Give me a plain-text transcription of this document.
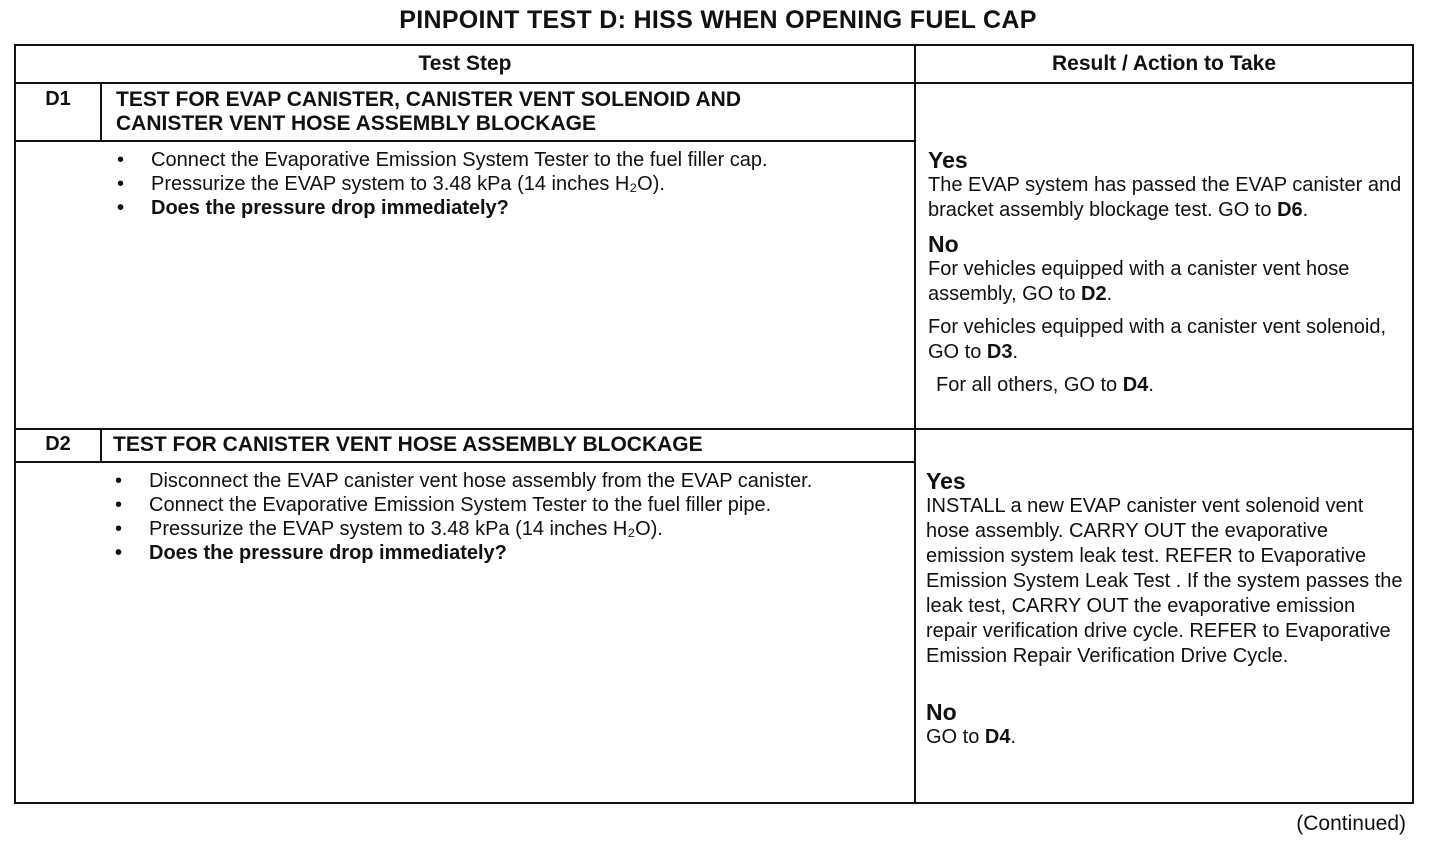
PINPOINT TEST D: HISS WHEN OPENING FUEL CAP
Test Step	Result / Action to Take
D1	TEST FOR EVAP CANISTER, CANISTER VENT SOLENOID AND
CANISTER VENT HOSE ASSEMBLY BLOCKAGE
• Connect the Evaporative Emission System Tester to the fuel filler cap.
• Pressurize the EVAP system to 3.48 kPa (14 inches H₂O).
• Does the pressure drop immediately?
Yes

The EVAP system has passed the EVAP canister and bracket assembly blockage test. GO to D6.

No

For vehicles equipped with a canister vent hose assembly, GO to D2.

For vehicles equipped with a canister vent solenoid, GO to D3.

For all others, GO to D4.

D2	TEST FOR CANISTER VENT HOSE ASSEMBLY BLOCKAGE
• Disconnect the EVAP canister vent hose assembly from the EVAP canister.
• Connect the Evaporative Emission System Tester to the fuel filler pipe.
• Pressurize the EVAP system to 3.48 kPa (14 inches H₂O).
• Does the pressure drop immediately?
Yes

INSTALL a new EVAP canister vent solenoid vent hose assembly. CARRY OUT the evaporative emission system leak test. REFER to Evaporative Emission System Leak Test . If the system passes the leak test, CARRY OUT the evaporative emission repair verification drive cycle. REFER to Evaporative Emission Repair Verification Drive Cycle.

No

GO to D4.

(Continued)
